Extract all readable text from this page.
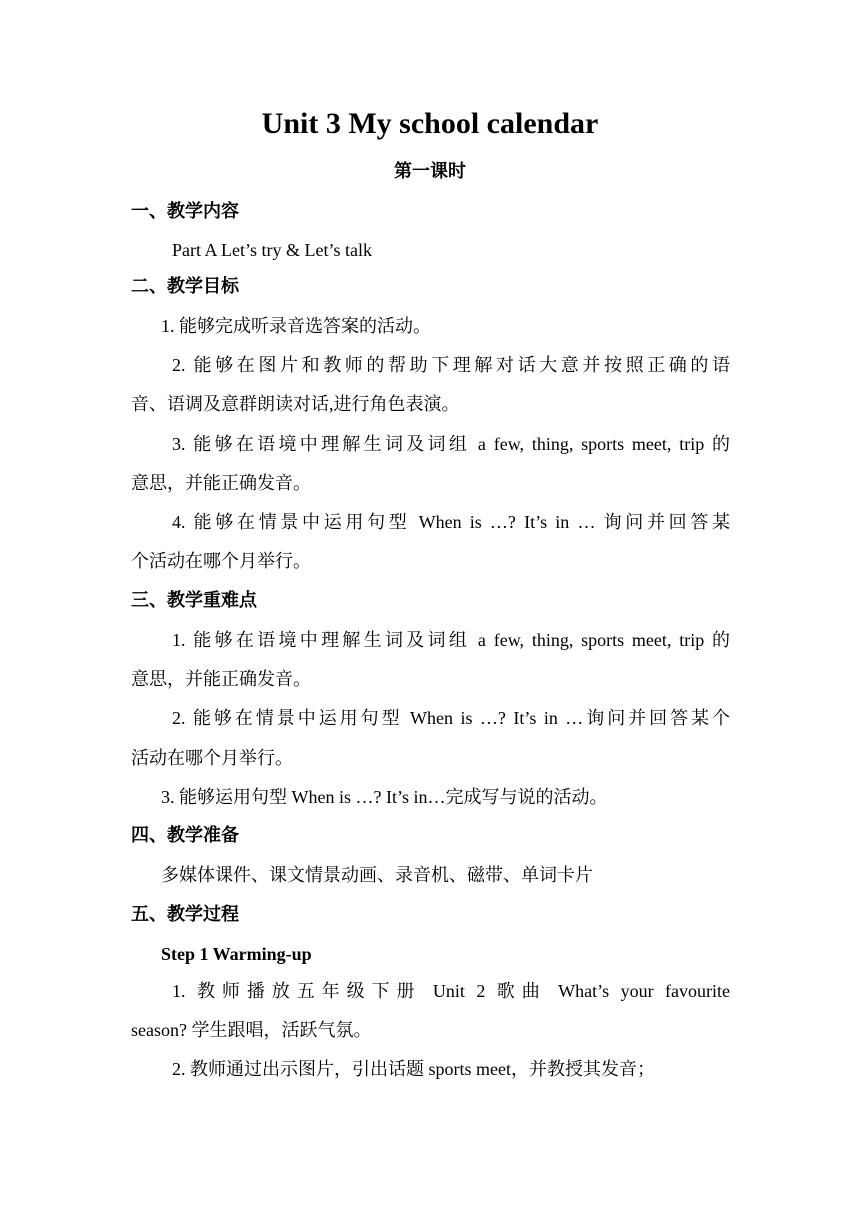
Unit 3 My school calendar
第一课时
一、教学内容
Part A Let’s try & Let’s talk
二、教学目标
1. 能够完成听录音选答案的活动。
2. 能够在图片和教师的帮助下理解对话大意并按照正确的语
音、语调及意群朗读对话,进行角色表演。
3. 能够在语境中理解生词及词组 a few, thing, sports meet, trip 的
意思，并能正确发音。
4. 能够在情景中运用句型 When is …? It’s in … 询问并回答某
个活动在哪个月举行。
三、教学重难点
1. 能够在语境中理解生词及词组 a few, thing, sports meet, trip 的
意思，并能正确发音。
2. 能够在情景中运用句型 When is …? It’s in …询问并回答某个
活动在哪个月举行。
3. 能够运用句型 When is …? It’s in…完成写与说的活动。
四、教学准备
多媒体课件、课文情景动画、录音机、磁带、单词卡片
五、教学过程
Step 1 Warming-up
1. 教师播放五年级下册 Unit 2 歌曲 What’s your favourite
season? 学生跟唱，活跃气氛。
2. 教师通过出示图片，引出话题 sports meet，并教授其发音；
